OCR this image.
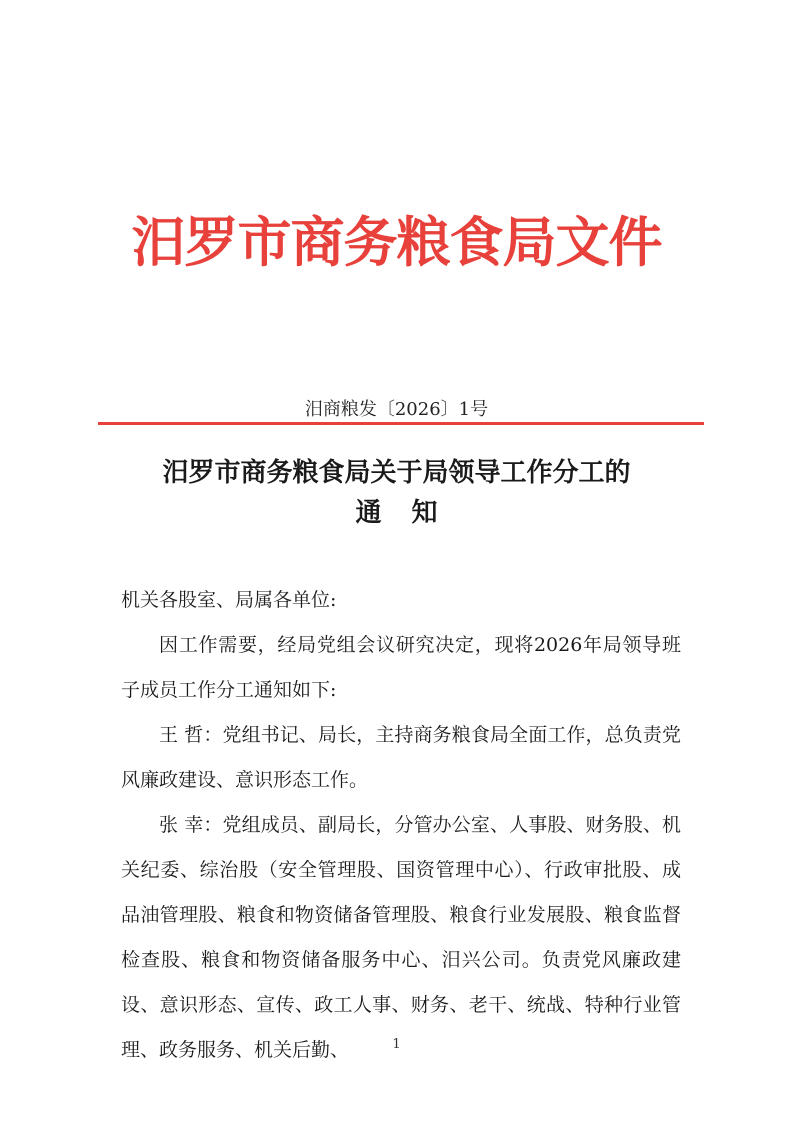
汨罗市商务粮食局文件
汨商粮发〔2026〕1号
汨罗市商务粮食局关于局领导工作分工的
通知

机关各股室、局属各单位:

因工作需要，经局党组会议研究决定，现将2026年局领导班子成员工作分工通知如下:

王 哲：党组书记、局长，主持商务粮食局全面工作，总负责党风廉政建设、意识形态工作。

张 幸：党组成员、副局长，分管办公室、人事股、财务股、机关纪委、综治股（安全管理股、国资管理中心）、行政审批股、成品油管理股、粮食和物资储备管理股、粮食行业发展股、粮食监督检查股、粮食和物资储备服务中心、汨兴公司。负责党风廉政建设、意识形态、宣传、政工人事、财务、老干、统战、特种行业管理、政务服务、机关后勤、	1
